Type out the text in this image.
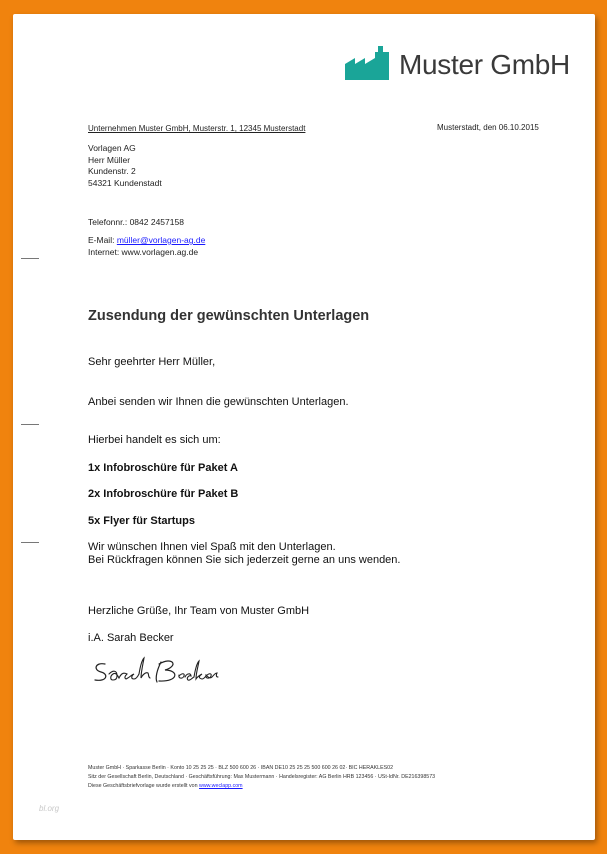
Muster GmbH
Unternehmen Muster GmbH, Musterstr. 1, 12345 Musterstadt	Musterstadt, den 06.10.2015
Vorlagen AG
Herr Müller
Kundenstr. 2
54321 Kundenstadt
Telefonnr.: 0842 2457158
E-Mail: müller@vorlagen-ag.de
Internet: www.vorlagen.ag.de
Zusendung der gewünschten Unterlagen
Sehr geehrter Herr Müller,
Anbei senden wir Ihnen die gewünschten Unterlagen.
Hierbei handelt es sich um:
1x Infobroschüre für Paket A
2x Infobroschüre für Paket B
5x Flyer für Startups
Wir wünschen Ihnen viel Spaß mit den Unterlagen.
Bei Rückfragen können Sie sich jederzeit gerne an uns wenden.
Herzliche Grüße, Ihr Team von Muster GmbH
i.A. Sarah Becker
Muster GmbH · Sparkasse Berlin · Konto 10 25 25 25 · BLZ 500 600 26 · IBAN DE10 25 25 25 500 600 26 02· BIC HERAKLES02
Sitz der Gesellschaft Berlin, Deutschland · Geschäftsführung: Max Mustermann · Handelsregister: AG Berlin HRB 123456 · USt-IdNr. DE216398573
Diese Geschäftsbriefvorlage wurde erstellt von www.weclapp.com
bl.org
